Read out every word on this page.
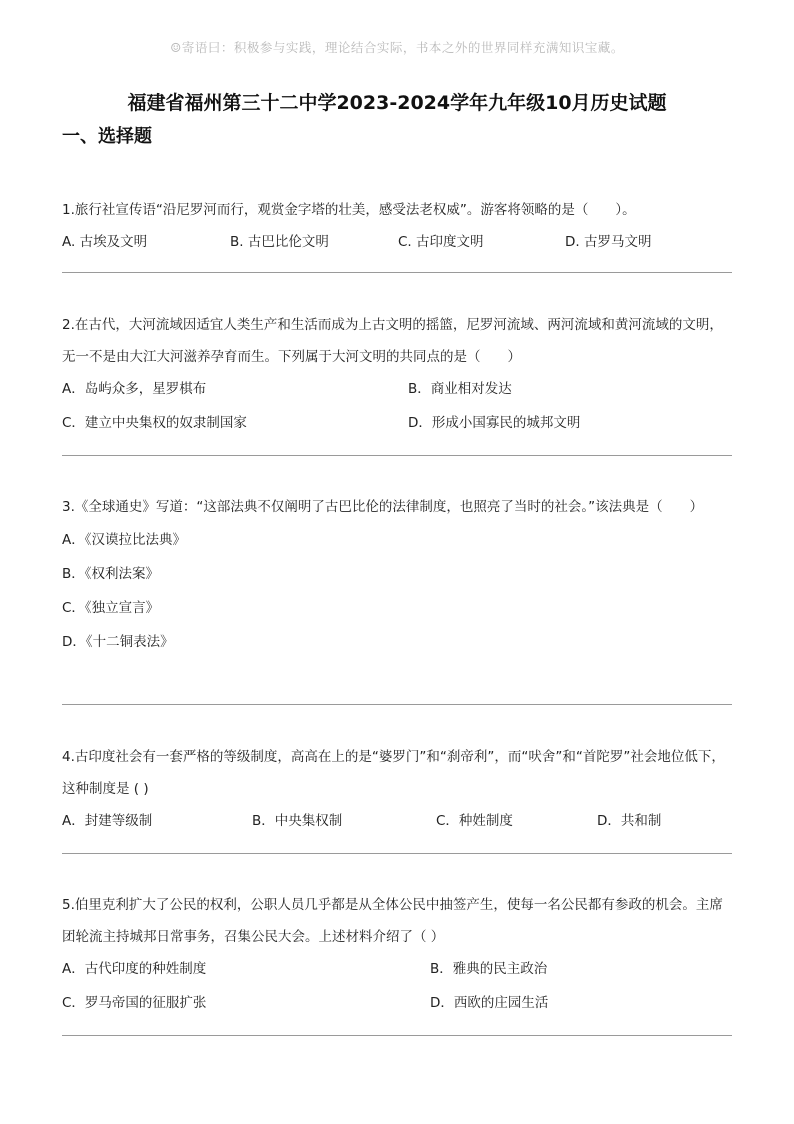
☺寄语曰：积极参与实践，理论结合实际，书本之外的世界同样充满知识宝藏。
福建省福州第三十二中学2023-2024学年九年级10月历史试题
一、选择题

1.旅行社宣传语“沿尼罗河而行，观赏金字塔的壮美，感受法老权威”。游客将领略的是（　　）。

A. 古埃及文明	B. 古巴比伦文明	C. 古印度文明	D. 古罗马文明

2.在古代，大河流域因适宜人类生产和生活而成为上古文明的摇篮，尼罗河流域、两河流域和黄河流域的文明，无一不是由大江大河滋养孕育而生。下列属于大河文明的共同点的是（　　）

A．岛屿众多，星罗棋布	B．商业相对发达
C．建立中央集权的奴隶制国家	D．形成小国寡民的城邦文明

3.《全球通史》写道：“这部法典不仅阐明了古巴比伦的法律制度，也照亮了当时的社会。”该法典是（　　）

A．《汉谟拉比法典》
B．《权利法案》
C．《独立宣言》
D．《十二铜表法》

4.古印度社会有一套严格的等级制度，高高在上的是“婆罗门”和“刹帝利”，而“吠舍”和“首陀罗”社会地位低下，这种制度是 ( )

A．封建等级制	B．中央集权制	C．种姓制度	D．共和制

5.伯里克利扩大了公民的权利，公职人员几乎都是从全体公民中抽签产生，使每一名公民都有参政的机会。主席团轮流主持城邦日常事务，召集公民大会。上述材料介绍了（ ）

A．古代印度的种姓制度	B．雅典的民主政治
C．罗马帝国的征服扩张	D．西欧的庄园生活
